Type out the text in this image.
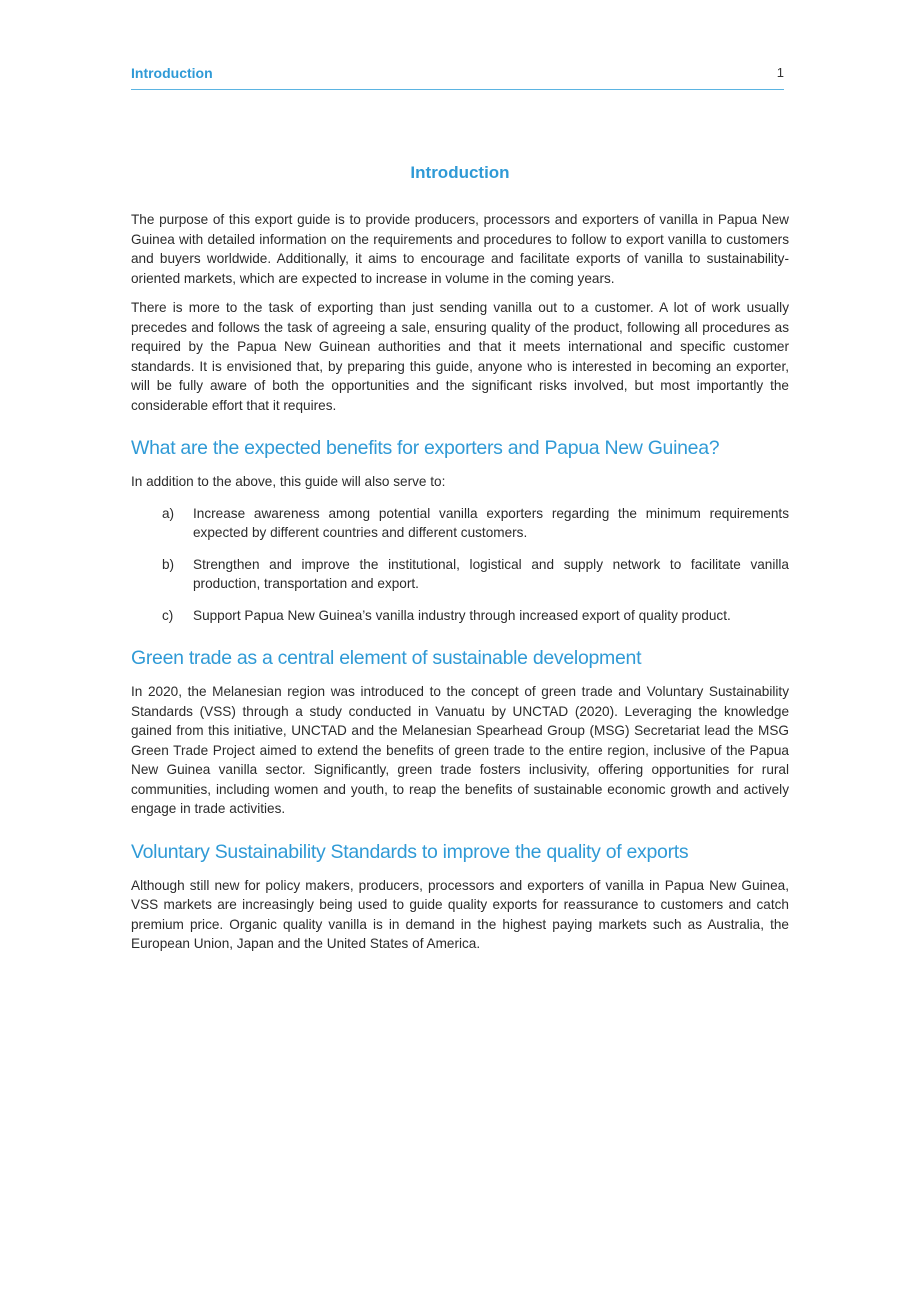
Introduction	1
Introduction

The purpose of this export guide is to provide producers, processors and exporters of vanilla in Papua New Guinea with detailed information on the requirements and procedures to follow to export vanilla to customers and buyers worldwide. Additionally, it aims to encourage and facilitate exports of vanilla to sustainability-oriented markets, which are expected to increase in volume in the coming years.

There is more to the task of exporting than just sending vanilla out to a customer. A lot of work usually precedes and follows the task of agreeing a sale, ensuring quality of the product, following all procedures as required by the Papua New Guinean authorities and that it meets international and specific customer standards. It is envisioned that, by preparing this guide, anyone who is interested in becoming an exporter, will be fully aware of both the opportunities and the significant risks involved, but most importantly the considerable effort that it requires.

What are the expected benefits for exporters and Papua New Guinea?

In addition to the above, this guide will also serve to:

a) Increase awareness among potential vanilla exporters regarding the minimum requirements expected by different countries and different customers.
b) Strengthen and improve the institutional, logistical and supply network to facilitate vanilla production, transportation and export.
c) Support Papua New Guinea’s vanilla industry through increased export of quality product.
Green trade as a central element of sustainable development

In 2020, the Melanesian region was introduced to the concept of green trade and Voluntary Sustainability Standards (VSS) through a study conducted in Vanuatu by UNCTAD (2020). Leveraging the knowledge gained from this initiative, UNCTAD and the Melanesian Spearhead Group (MSG) Secretariat lead the MSG Green Trade Project aimed to extend the benefits of green trade to the entire region, inclusive of the Papua New Guinea vanilla sector. Significantly, green trade fosters inclusivity, offering opportunities for rural communities, including women and youth, to reap the benefits of sustainable economic growth and actively engage in trade activities.

Voluntary Sustainability Standards to improve the quality of exports

Although still new for policy makers, producers, processors and exporters of vanilla in Papua New Guinea, VSS markets are increasingly being used to guide quality exports for reassurance to customers and catch premium price. Organic quality vanilla is in demand in the highest paying markets such as Australia, the European Union, Japan and the United States of America.
